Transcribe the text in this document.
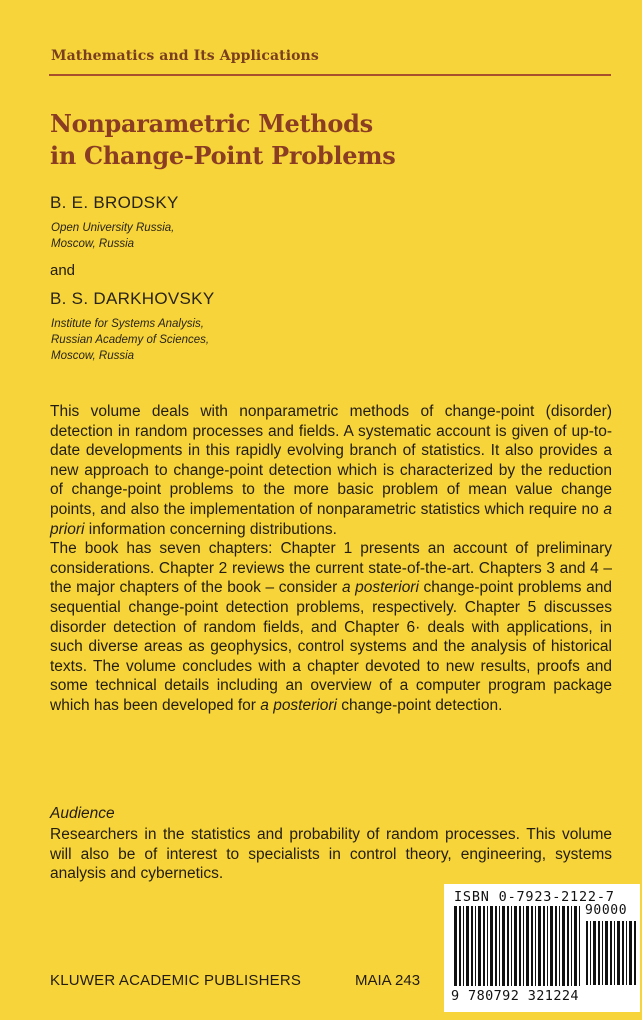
Mathematics and Its Applications
Nonparametric Methods
in Change-Point Problems
B. E. BRODSKY
Open University Russia,
Moscow, Russia
and
B. S. DARKHOVSKY
Institute for Systems Analysis,
Russian Academy of Sciences,
Moscow, Russia

This volume deals with nonparametric methods of change-point (disorder) detection in random processes and fields. A systematic account is given of up-to-date developments in this rapidly evolving branch of statistics. It also provides a new approach to change-point detection which is characterized by the reduction of change-point problems to the more basic problem of mean value change points, and also the implementation of nonparametric statistics which require no a priori information concerning distributions.

The book has seven chapters: Chapter 1 presents an account of preliminary considerations. Chapter 2 reviews the current state-of-the-art. Chapters 3 and 4 – the major chapters of the book – consider a posteriori change-point problems and sequential change-point detection problems, respectively. Chapter 5 discusses disorder detection of random fields, and Chapter 6· deals with applications, in such diverse areas as geophysics, control systems and the analysis of historical texts. The volume concludes with a chapter devoted to new results, proofs and some technical details including an overview of a computer program package which has been developed for a posteriori change-point detection.

Audience
Researchers in the statistics and probability of random processes. This volume will also be of interest to specialists in control theory, engineering, systems analysis and cybernetics.
KLUWER ACADEMIC PUBLISHERS	MAIA 243
ISBN 0-7923-2122-7
90000
9 780792 321224
